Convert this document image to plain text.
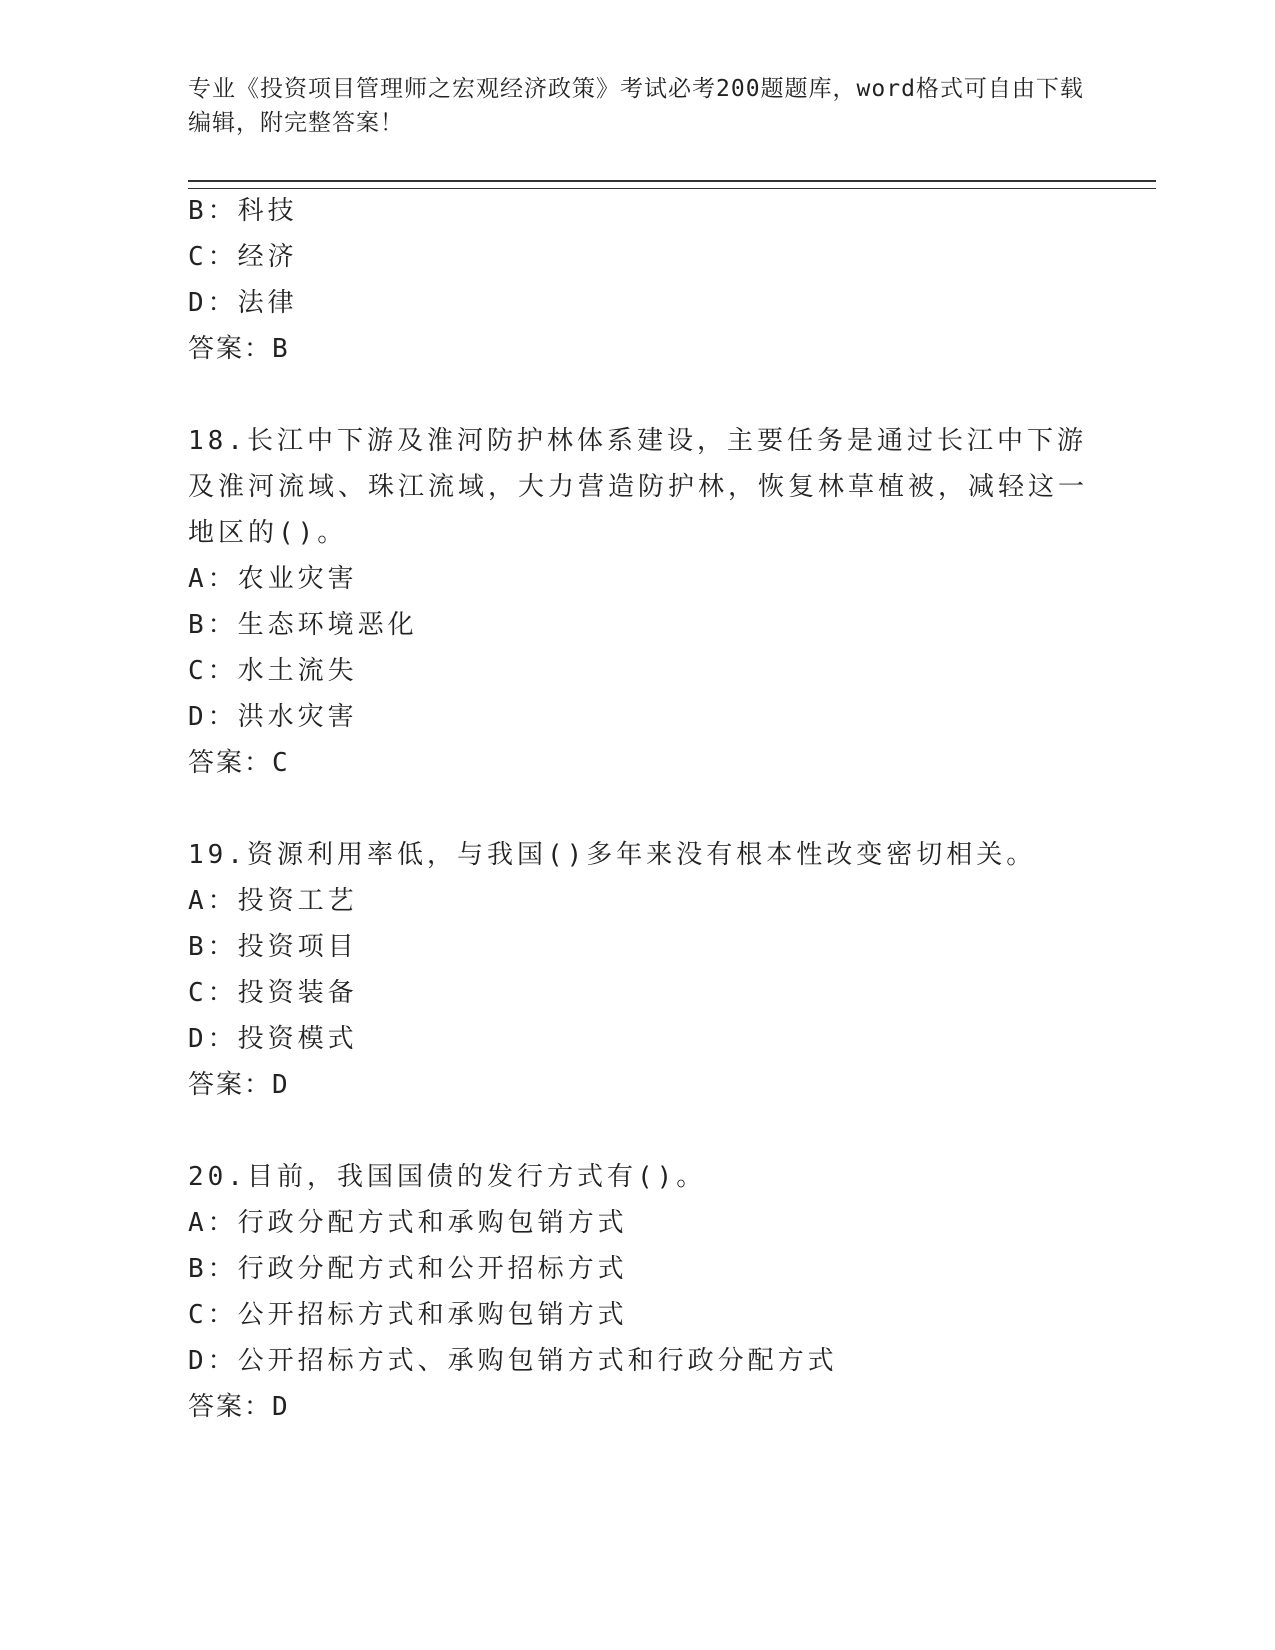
专业《投资项目管理师之宏观经济政策》考试必考200题题库，word格式可自由下载编辑，附完整答案！
B：科技
C：经济
D：法律
答案：B
18.长江中下游及淮河防护林体系建设，主要任务是通过长江中下游及淮河流域、珠江流域，大力营造防护林，恢复林草植被，减轻这一地区的()。
A：农业灾害
B：生态环境恶化
C：水土流失
D：洪水灾害
答案：C
19.资源利用率低，与我国()多年来没有根本性改变密切相关。
A：投资工艺
B：投资项目
C：投资装备
D：投资模式
答案：D
20.目前，我国国债的发行方式有()。
A：行政分配方式和承购包销方式
B：行政分配方式和公开招标方式
C：公开招标方式和承购包销方式
D：公开招标方式、承购包销方式和行政分配方式
答案：D
